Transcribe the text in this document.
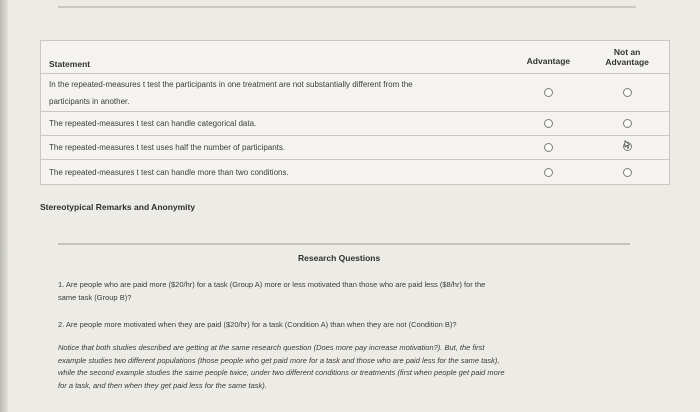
Statement	Advantage
Not an
Advantage
In the repeated-measures t test the participants in one treatment are not substantially different from the
participants in another.
The repeated-measures t test can handle categorical data.
The repeated-measures t test uses half the number of participants.
The repeated-measures t test can handle more than two conditions.
Stereotypical Remarks and Anonymity
Research Questions
1. Are people who are paid more ($20/hr) for a task (Group A) more or less motivated than those who are paid less ($8/hr) for the
same task (Group B)?
2. Are people more motivated when they are paid ($20/hr) for a task (Condition A) than when they are not (Condition B)?
Notice that both studies described are getting at the same research question (Does more pay increase motivation?). But, the first
example studies two different populations (those people who get paid more for a task and those who are paid less for the same task),
while the second example studies the same people twice, under two different conditions or treatments (first when people get paid more
for a task, and then when they get paid less for the same task).
